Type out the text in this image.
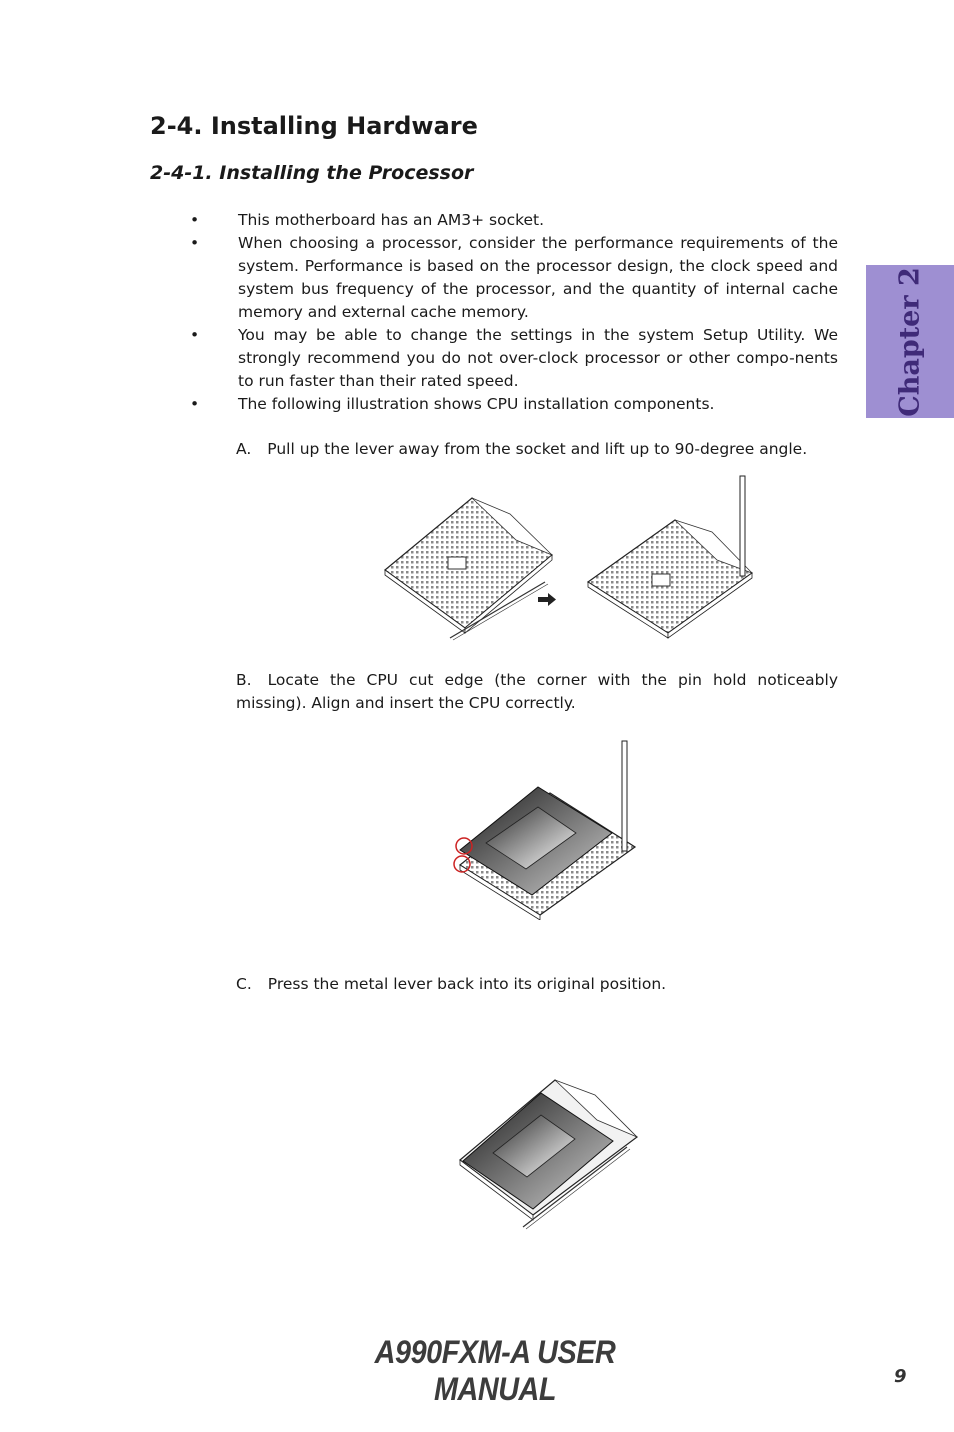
2-4. Installing Hardware
2-4-1. Installing the Processor
•	This motherboard has an AM3+ socket.
•	When choosing a processor, consider the performance requirements of the system. Performance is based on the processor design, the clock speed and system bus frequency of the processor, and the quantity of internal cache memory and external cache memory.
•	You may be able to change the settings in the system Setup Utility. We strongly recommend you do not over-clock processor or other compo-nents to run faster than their rated speed.
•	The following illustration shows CPU installation components.

A. Pull up the lever away from the socket and lift up to 90-degree angle.

B. Locate the CPU cut edge (the corner with the pin hold noticeably missing). Align and insert the CPU correctly.

C. Press the metal lever back into its original position.

Chapter 2
A990FXM-A USER MANUAL	9
